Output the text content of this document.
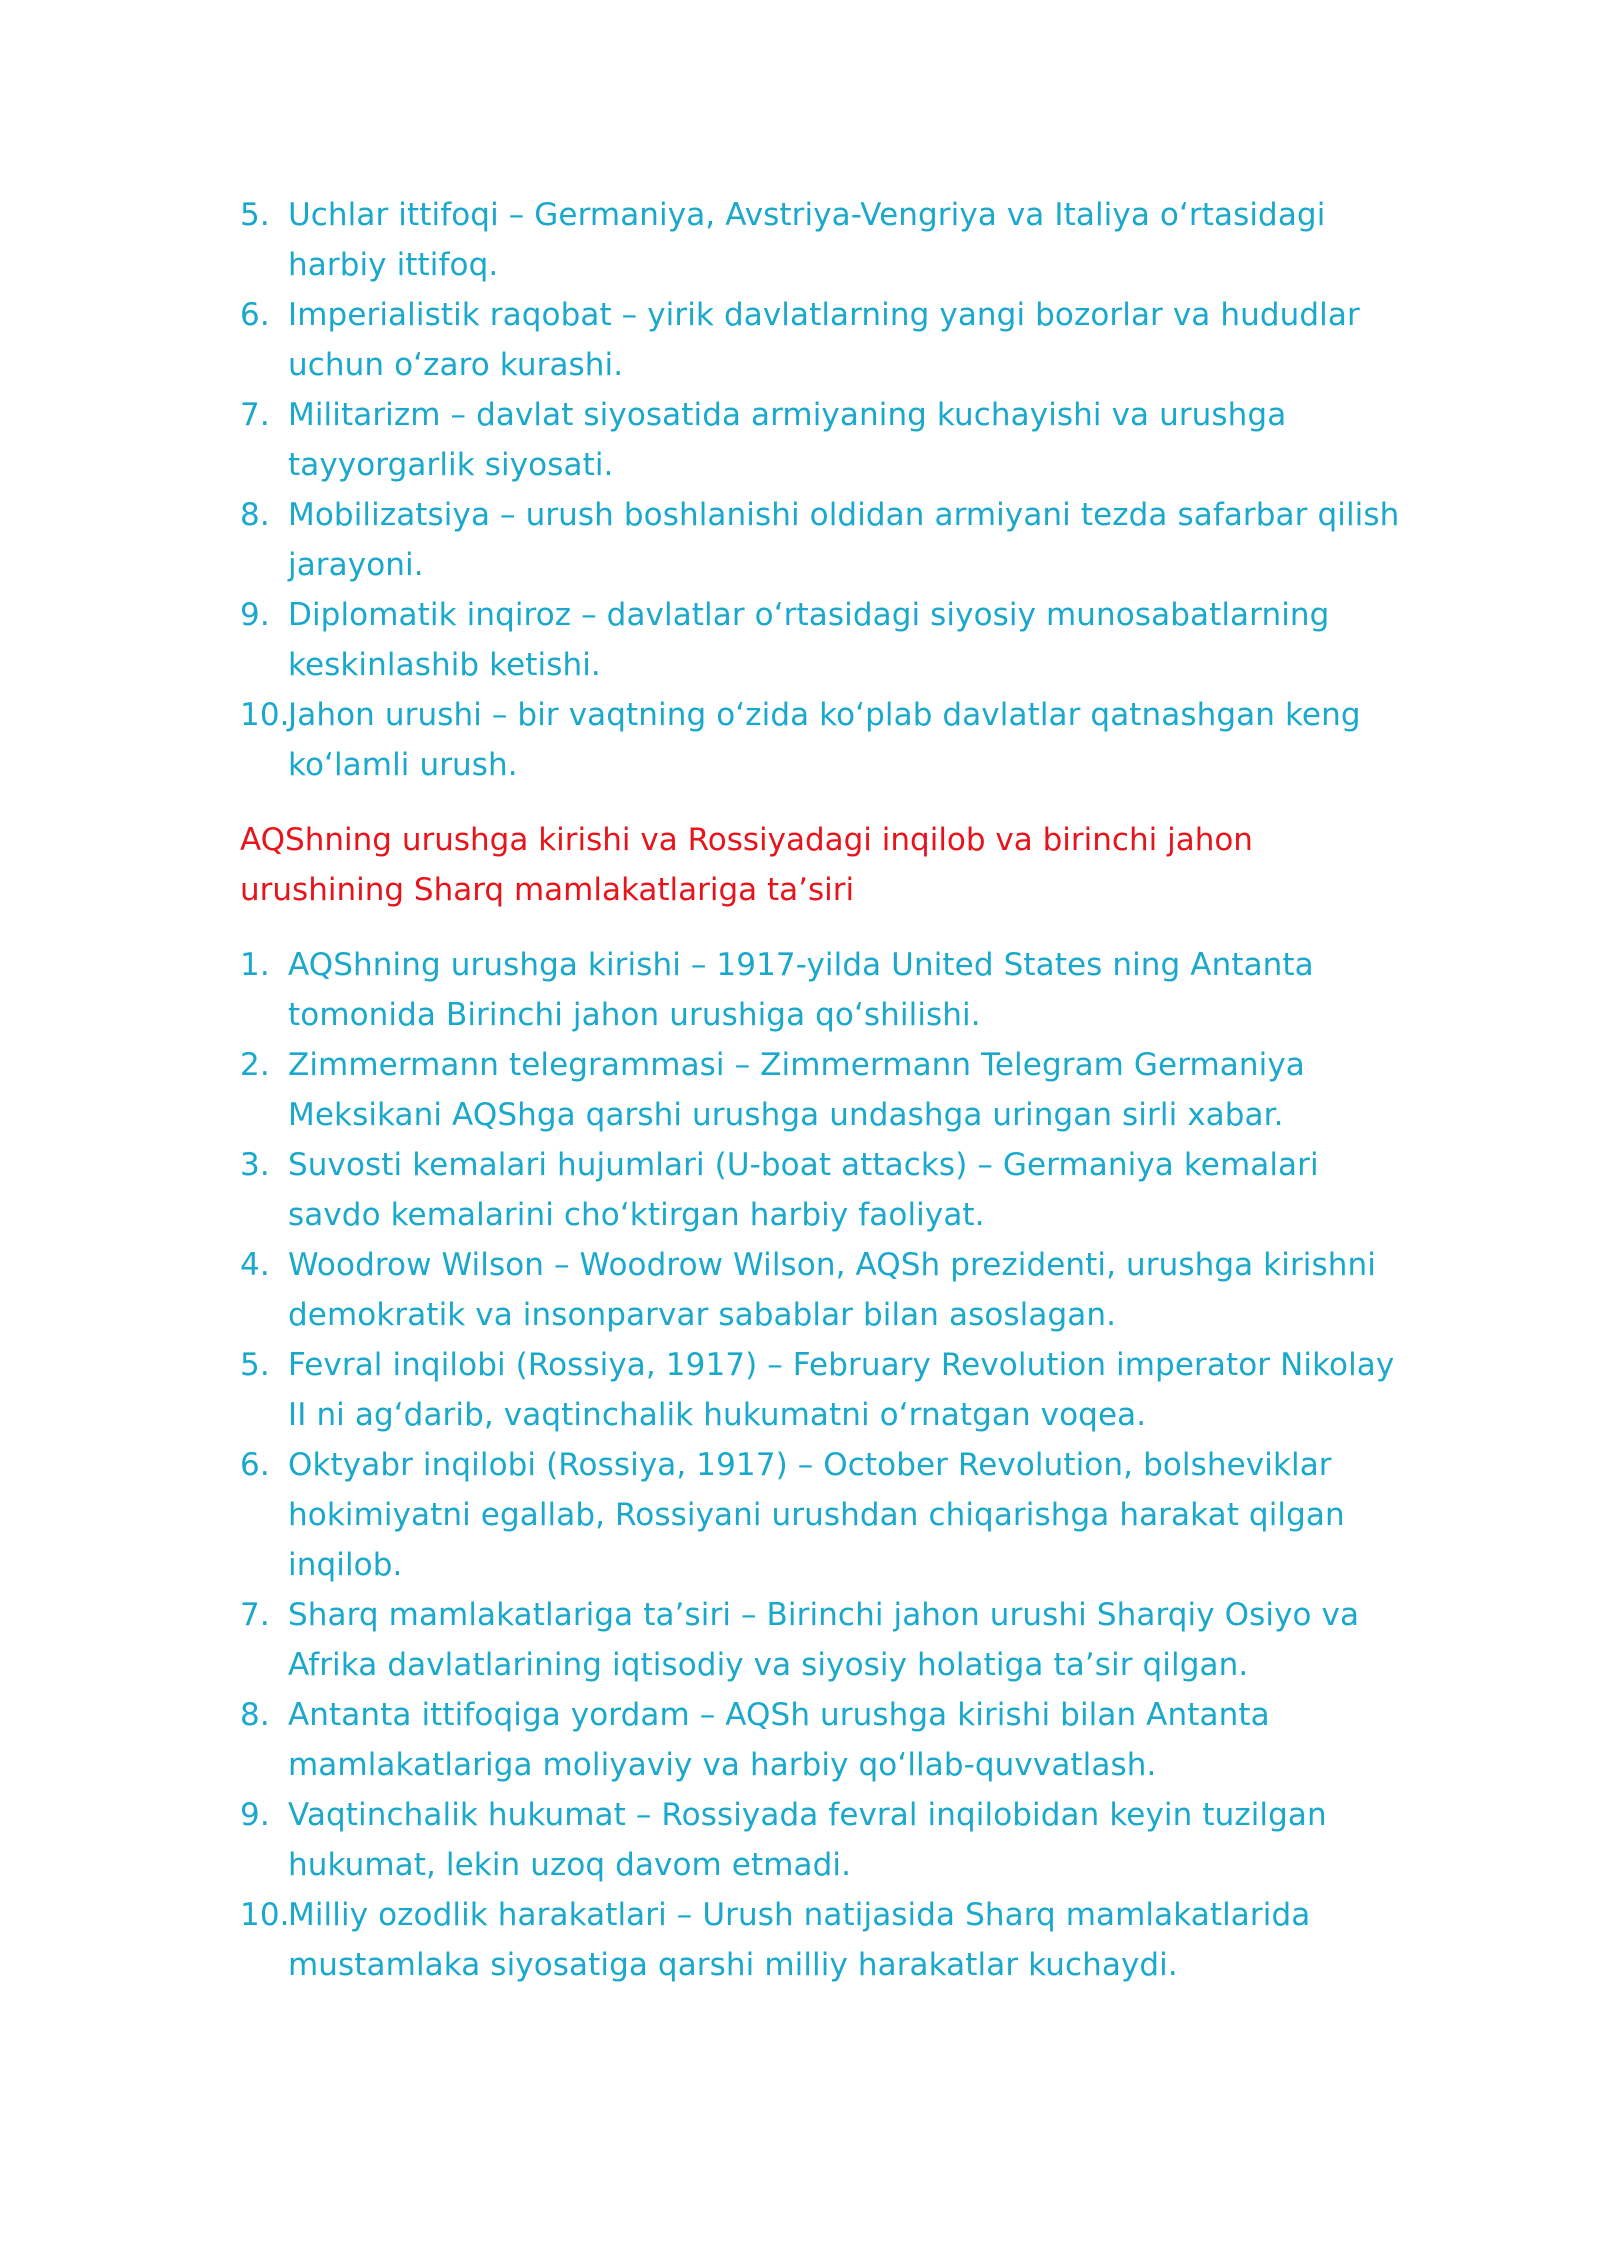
5. Uchlar ittifoqi – Germaniya, Avstriya-Vengriya va Italiya o‘rtasidagi harbiy ittifoq.
6. Imperialistik raqobat – yirik davlatlarning yangi bozorlar va hududlar uchun o‘zaro kurashi.
7. Militarizm – davlat siyosatida armiyaning kuchayishi va urushga tayyorgarlik siyosati.
8. Mobilizatsiya – urush boshlanishi oldidan armiyani tezda safarbar qilish jarayoni.
9. Diplomatik inqiroz – davlatlar o‘rtasidagi siyosiy munosabatlarning keskinlashib ketishi.
10.
Jahon urushi – bir vaqtning o‘zida ko‘plab davlatlar qatnashgan keng ko‘lamli urush.
AQShning urushga kirishi va Rossiyadagi inqilob va birinchi jahon urushining Sharq mamlakatlariga ta’siri
1. AQShning urushga kirishi – 1917-yilda United States ning Antanta tomonida Birinchi jahon urushiga qo‘shilishi.
2. Zimmermann telegrammasi – Zimmermann Telegram Germaniya Meksikani AQShga qarshi urushga undashga uringan sirli xabar.
3. Suvosti kemalari hujumlari (U-boat attacks) – Germaniya kemalari savdo kemalarini cho‘ktirgan harbiy faoliyat.
4. Woodrow Wilson – Woodrow Wilson, AQSh prezidenti, urushga kirishni demokratik va insonparvar sabablar bilan asoslagan.
5. Fevral inqilobi (Rossiya, 1917) – February Revolution imperator Nikolay II ni ag‘darib, vaqtinchalik hukumatni o‘rnatgan voqea.
6. Oktyabr inqilobi (Rossiya, 1917) – October Revolution, bolsheviklar hokimiyatni egallab, Rossiyani urushdan chiqarishga harakat qilgan inqilob.
7. Sharq mamlakatlariga ta’siri – Birinchi jahon urushi Sharqiy Osiyo va Afrika davlatlarining iqtisodiy va siyosiy holatiga ta’sir qilgan.
8. Antanta ittifoqiga yordam – AQSh urushga kirishi bilan Antanta mamlakatlariga moliyaviy va harbiy qo‘llab-quvvatlash.
9. Vaqtinchalik hukumat – Rossiyada fevral inqilobidan keyin tuzilgan hukumat, lekin uzoq davom etmadi.
10.
Milliy ozodlik harakatlari – Urush natijasida Sharq mamlakatlarida mustamlaka siyosatiga qarshi milliy harakatlar kuchaydi.
